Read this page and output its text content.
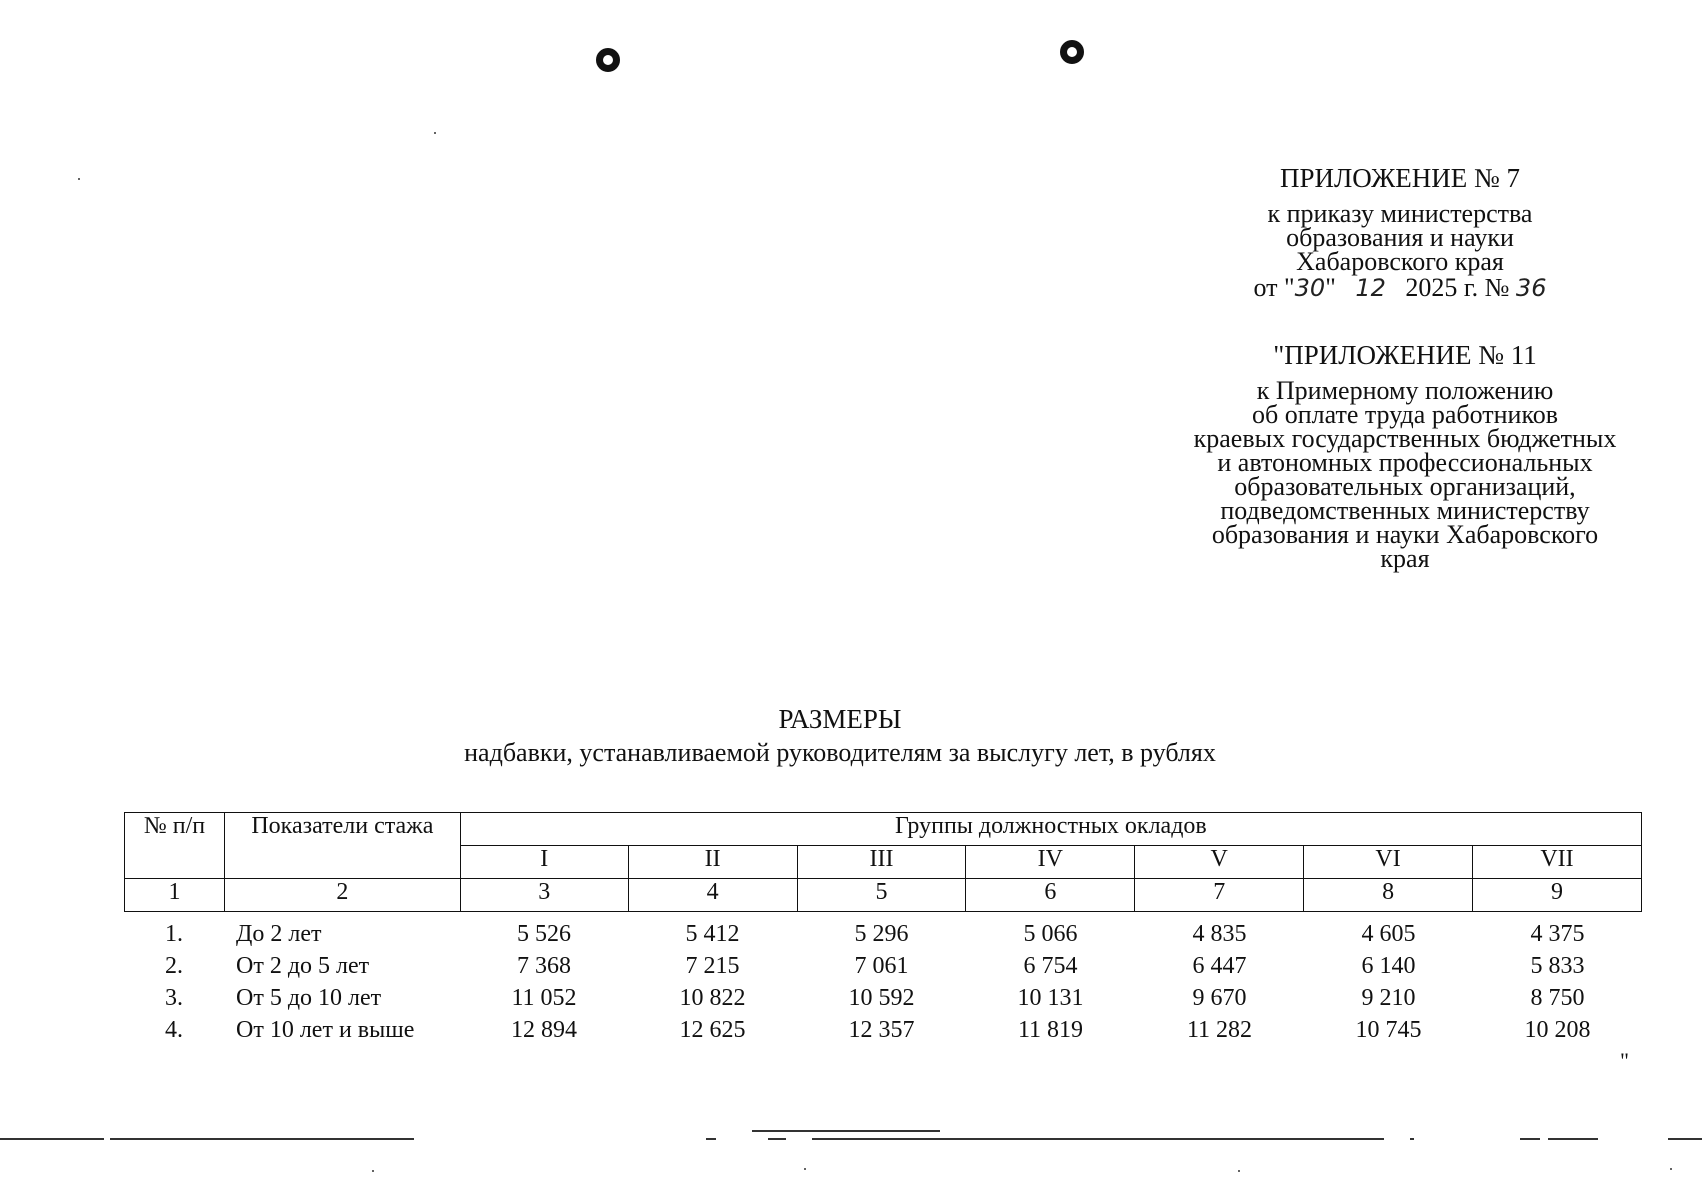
ПРИЛОЖЕНИЕ № 7
к приказу министерства
образования и науки
Хабаровского края
от "30" 12 2025 г. № 36
"ПРИЛОЖЕНИЕ № 11
к Примерному положению
об оплате труда работников
краевых государственных бюджетных
и автономных профессиональных
образовательных организаций,
подведомственных министерству
образования и науки Хабаровского
края
РАЗМЕРЫ
надбавки, устанавливаемой руководителям за выслугу лет, в рублях
№ п/п	Показатели стажа	Группы должностных окладов						
		I	II	III	IV	V	VI	VII
1	2	3	4	5	6	7	8	9
1.	До 2 лет	5 526	5 412	5 296	5 066	4 835	4 605	4 375
2.	От 2 до 5 лет	7 368	7 215	7 061	6 754	6 447	6 140	5 833
3.	От 5 до 10 лет	11 052	10 822	10 592	10 131	9 670	9 210	8 750
4.	От 10 лет и выше	12 894	12 625	12 357	11 819	11 282	10 745	10 208
"
